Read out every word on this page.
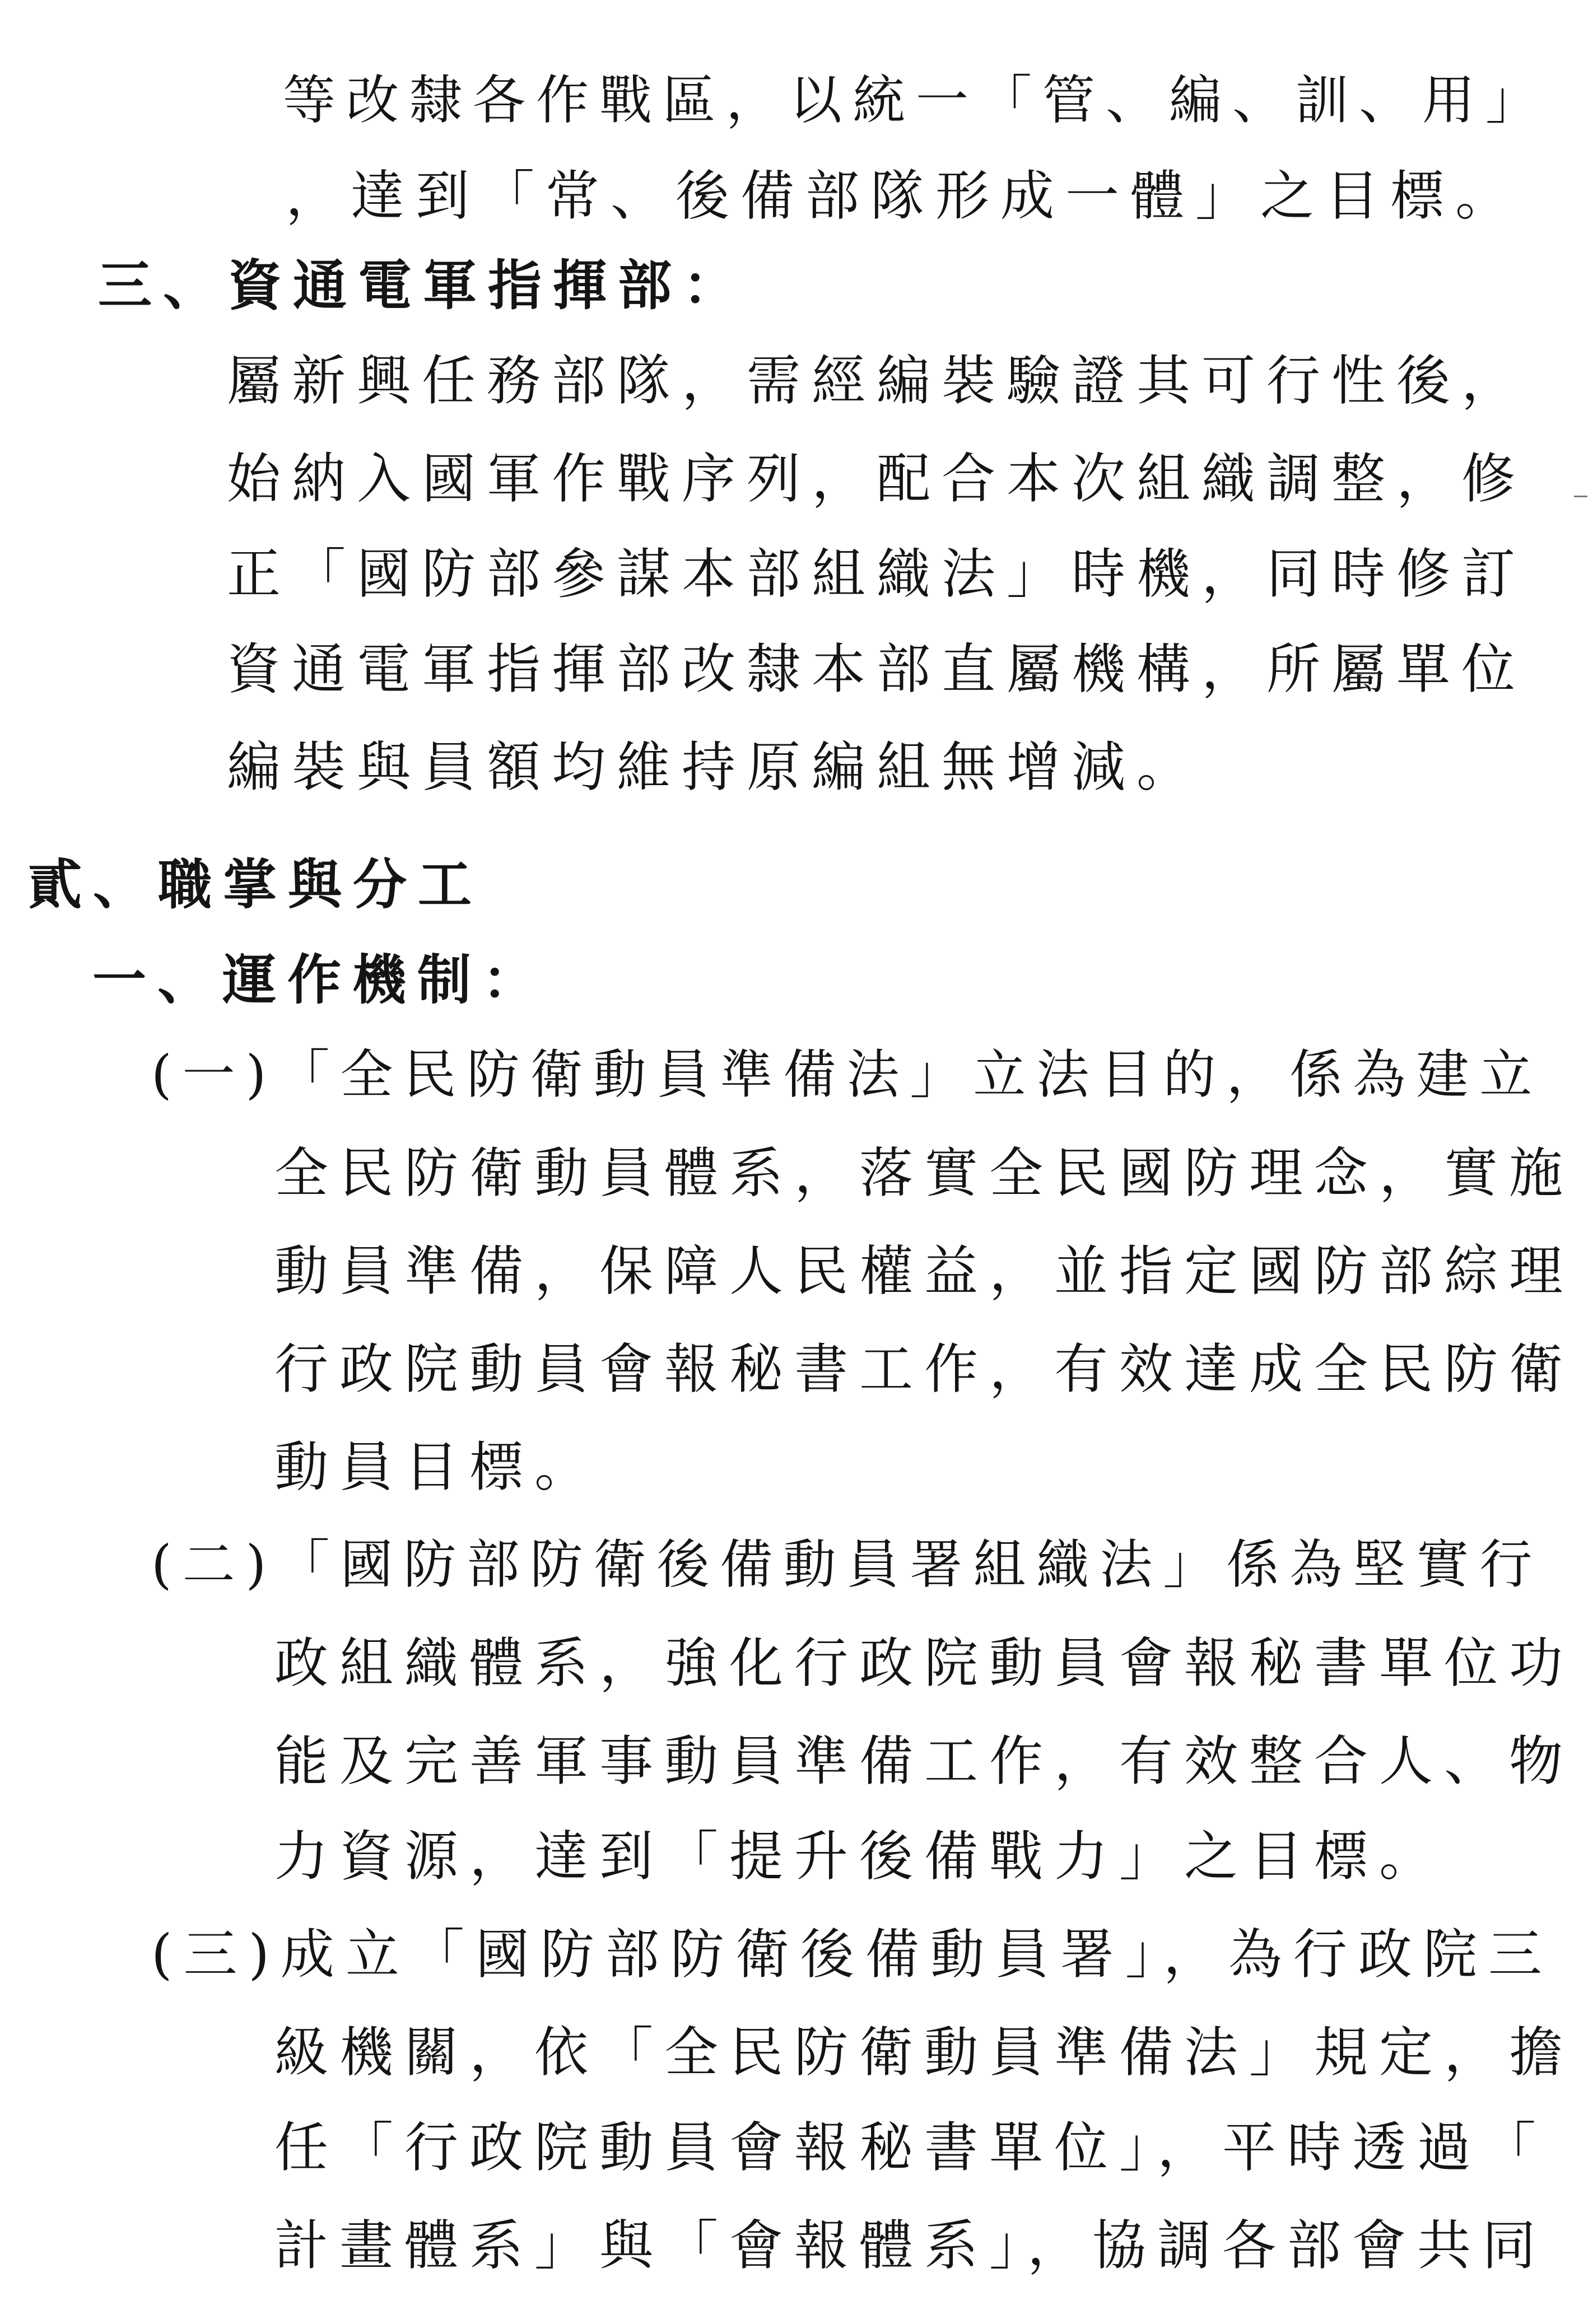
等改隸各作戰區，以統一「管、編、訓、用」
，達到「常、後備部隊形成一體」之目標。
三、資通電軍指揮部：
屬新興任務部隊，需經編裝驗證其可行性後，
始納入國軍作戰序列，配合本次組織調整，修
正「國防部參謀本部組織法」時機，同時修訂
資通電軍指揮部改隸本部直屬機構，所屬單位
編裝與員額均維持原編組無增減。
貳、職掌與分工
一、運作機制：
(一)「全民防衛動員準備法」立法目的，係為建立
全民防衛動員體系，落實全民國防理念，實施
動員準備，保障人民權益，並指定國防部綜理
行政院動員會報秘書工作，有效達成全民防衛
動員目標。
(二)「國防部防衛後備動員署組織法」係為堅實行
政組織體系，強化行政院動員會報秘書單位功
能及完善軍事動員準備工作，有效整合人、物
力資源，達到「提升後備戰力」之目標。
(三)成立「國防部防衛後備動員署」，為行政院三
級機關，依「全民防衛動員準備法」規定，擔
任「行政院動員會報秘書單位」，平時透過「
計畫體系」與「會報體系」，協調各部會共同
